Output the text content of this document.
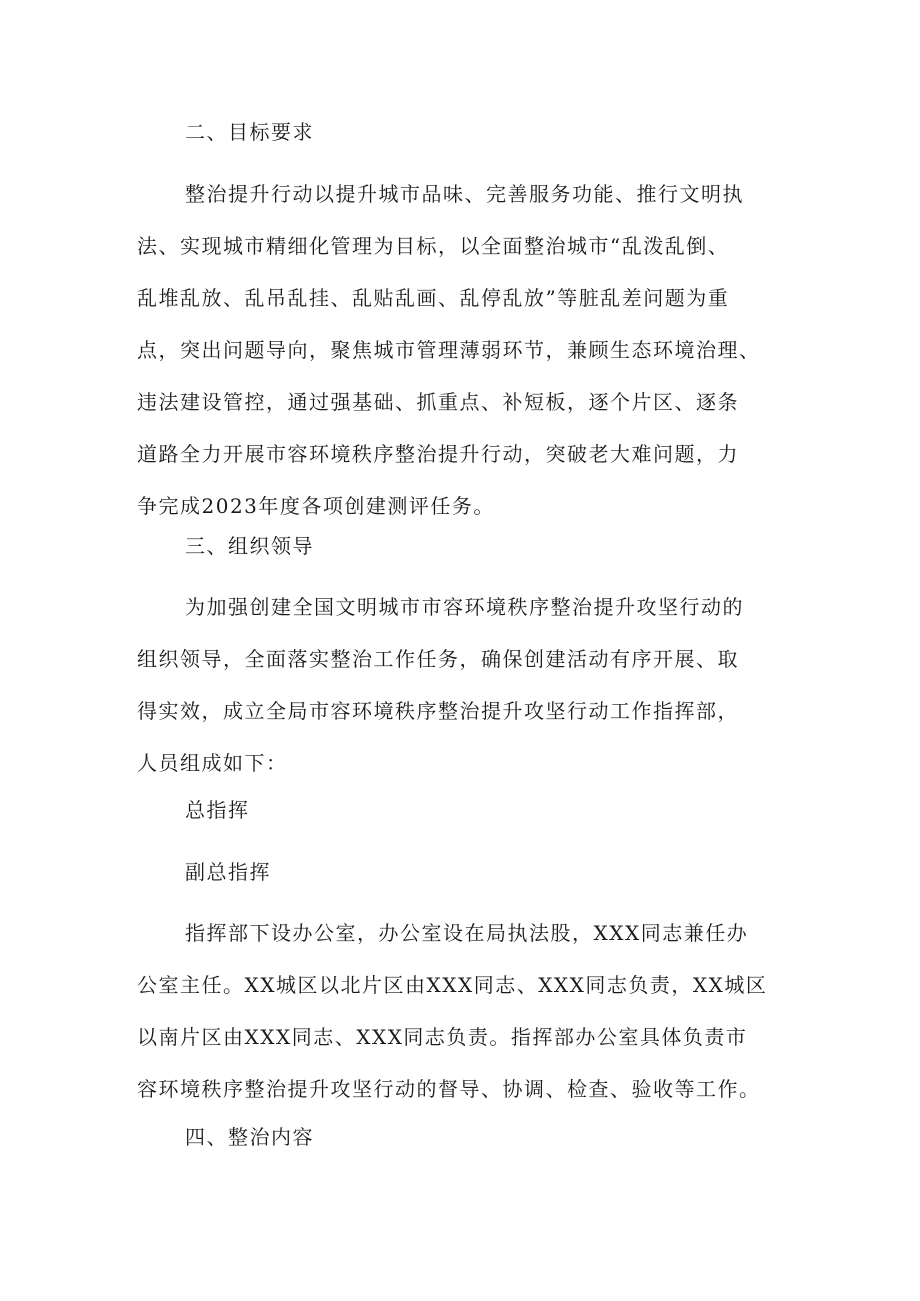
二、目标要求
整治提升行动以提升城市品味、完善服务功能、推行文明执
法、实现城市精细化管理为目标，以全面整治城市“乱泼乱倒、
乱堆乱放、乱吊乱挂、乱贴乱画、乱停乱放”等脏乱差问题为重
点，突出问题导向，聚焦城市管理薄弱环节，兼顾生态环境治理、
违法建设管控，通过强基础、抓重点、补短板，逐个片区、逐条
道路全力开展市容环境秩序整治提升行动，突破老大难问题，力
争完成2023年度各项创建测评任务。
三、组织领导
为加强创建全国文明城市市容环境秩序整治提升攻坚行动的
组织领导，全面落实整治工作任务，确保创建活动有序开展、取
得实效，成立全局市容环境秩序整治提升攻坚行动工作指挥部，
人员组成如下：
总指挥
副总指挥
指挥部下设办公室，办公室设在局执法股，XXX同志兼任办
公室主任。XX城区以北片区由XXX同志、XXX同志负责，XX城区
以南片区由XXX同志、XXX同志负责。指挥部办公室具体负责市
容环境秩序整治提升攻坚行动的督导、协调、检查、验收等工作。
四、整治内容
